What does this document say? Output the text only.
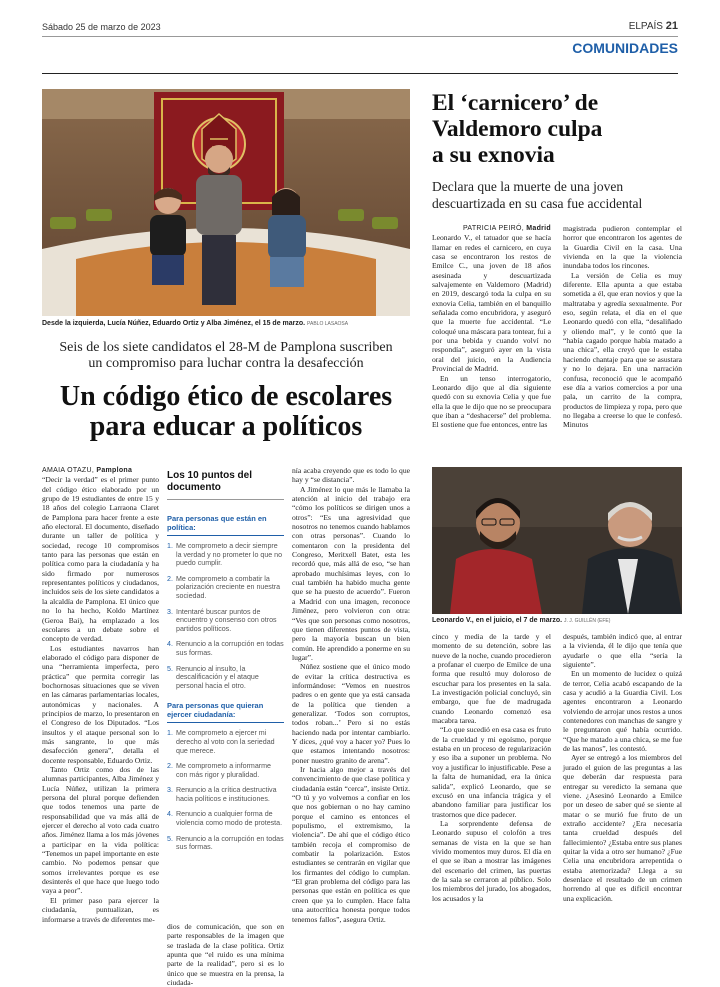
Sábado 25 de marzo de 2023	ELPAÍS 21
COMUNIDADES
Desde la izquierda, Lucía Núñez, Eduardo Ortiz y Alba Jiménez, el 15 de marzo. PABLO LASAOSA
Seis de los siete candidatos el 28-M de Pamplona suscriben
un compromiso para luchar contra la desafección
Un código ético de escolares
para educar a políticos
AMAIA OTAZU, Pamplona

“Decir la verdad” es el primer punto del código ético elaborado por un grupo de 19 estudiantes de entre 15 y 18 años del colegio Larraona Claret de Pamplona para hacer frente a este año electoral. El documento, diseñado durante un taller de política y sociedad, recoge 10 compromisos tanto para las personas que están en política como para la ciudadanía y ha sido firmado por numerosos representantes políticos y ciudadanos, incluidos seis de los siete candidatos a la alcaldía de Pamplona. El único que no lo ha hecho, Koldo Martínez (Geroa Bai), ha emplazado a los escolares a un debate sobre el concepto de verdad.

Los estudiantes navarros han elaborado el código para disponer de una “herramienta imperfecta, pero práctica” que permita corregir las bochornosas situaciones que se viven en las cámaras parlamentarias locales, autonómicas y nacionales. A principios de marzo, lo presentaron en el Congreso de los Diputados. “Los insultos y el ataque personal son lo más sangrante, lo que más desafección genera”, detalla el docente responsable, Eduardo Ortiz.

Tanto Ortiz como dos de las alumnas participantes, Alba Jiménez y Lucía Núñez, utilizan la primera persona del plural porque defienden que todos tenemos una parte de responsabilidad que va más allá de ejercer el derecho al voto cada cuatro años. Jiménez llama a los más jóvenes a participar en la vida política: “Tenemos un papel importante en este cambio. No podemos pensar que somos irrelevantes porque es ese desinterés el que hace que luego todo vaya a peor”.

El primer paso para ejercer la ciudadanía, puntualizan, es informarse a través de diferentes me-

Los 10 puntos del documento
Para personas que están en política:
1. Me comprometo a decir siempre la verdad y no prometer lo que no puedo cumplir.
2. Me comprometo a combatir la polarización creciente en nuestra sociedad.
3. Intentaré buscar puntos de encuentro y consenso con otros partidos políticos.
4. Renuncio a la corrupción en todas sus formas.
5. Renuncio al insulto, la descalificación y el ataque personal hacia el otro.
Para personas que quieran ejercer ciudadanía:
1. Me comprometo a ejercer mi derecho al voto con la seriedad que merece.
2. Me comprometo a informarme con más rigor y pluralidad.
3. Renuncio a la crítica destructiva hacia políticos e instituciones.
4. Renuncio a cualquier forma de violencia como modo de protesta.
5. Renuncio a la corrupción en todas sus formas.

dios de comunicación, que son en parte responsables de la imagen que se traslada de la clase política. Ortiz apunta que “el ruido es una mínima parte de la realidad”, pero si es lo único que se muestra en la prensa, la ciudada-

nía acaba creyendo que es todo lo que hay y “se distancia”.

A Jiménez lo que más le llamaba la atención al inicio del trabajo era “cómo los políticos se dirigen unos a otros”: “Es una agresividad que nosotros no tenemos cuando hablamos con otras personas”. Cuando lo comentaron con la presidenta del Congreso, Meritxell Batet, esta les recordó que, más allá de eso, “se han aprobado muchísimas leyes, con lo cual también ha habido mucha gente que se ha puesto de acuerdo”. Fueron a Madrid con una imagen, reconoce Jiménez, pero volvieron con otra: “Ves que son personas como nosotros, que tienen diferentes puntos de vista, pero la mayoría buscan un bien común. He aprendido a ponerme en su lugar”.

Núñez sostiene que el único modo de evitar la crítica destructiva es informándose: “Vemos en nuestros padres o en gente que ya está cansada de la política que tienden a generalizar. ‘Todos son corruptos, todos roban...’ Pero si no estás haciendo nada por intentar cambiarlo. Y dices, ¿qué voy a hacer yo? Pues lo que estamos intentando nosotros: poner nuestro granito de arena”.

Ir hacia algo mejor a través del convencimiento de que clase política y ciudadanía están “cerca”, insiste Ortiz. “O tú y yo volvemos a confiar en los que nos gobiernan o no hay camino porque el camino es entonces el populismo, el extremismo, la violencia”. De ahí que el código ético también recoja el compromiso de combatir la polarización. Estos estudiantes se centrarán en vigilar que los firmantes del código lo cumplan. “El gran problema del código para las personas que están en política es que creen que ya lo cumplen. Hace falta una autocrítica honesta porque todos tenemos fallos”, asegura Ortiz.

El ‘carnicero’ de
Valdemoro culpa
a su exnovia
Declara que la muerte de una joven descuartizada en su casa fue accidental
PATRICIA PEIRÓ, Madrid

Leonardo V., el tatuador que se hacía llamar en redes el carnicero, en cuya casa se encontraron los restos de Emilce C., una joven de 18 años asesinada y descuartizada salvajemente en Valdemoro (Madrid) en 2019, descargó toda la culpa en su exnovia Celia, también en el banquillo señalada como encubridora, y aseguró que la muerte fue accidental. “Le coloqué una máscara para tontear, fui a por una bebida y cuando volví no respondía”, aseguró ayer en la vista oral del juicio, en la Audiencia Provincial de Madrid.

En un tenso interrogatorio, Leonardo dijo que al día siguiente quedó con su exnovia Celia y que fue ella la que le dijo que no se preocupara que iban a “deshacerse” del problema. El sostiene que fue entonces, entre las

magistrada pudieron contemplar el horror que encontraron los agentes de la Guardia Civil en la casa. Una vivienda en la que la violencia inundaba todos los rincones.

La versión de Celia es muy diferente. Ella apunta a que estaba sometida a él, que eran novios y que la maltrataba y agredía sexualmente. Por eso, según relata, el día en el que Leonardo quedó con ella, “desaliñado y oliendo mal”, y le contó que la “había cagado porque había matado a una chica”, ella creyó que le estaba haciendo chantaje para que se asustara y no lo dejara. En una narración confusa, reconoció que le acompañó ese día a varios comercios a por una pala, un carrito de la compra, productos de limpieza y ropa, pero que no llegaba a creerse lo que le confesó. Minutos

Leonardo V., en el juicio, el 7 de marzo. J. J. GUILLÉN (EFE)

cinco y media de la tarde y el momento de su detención, sobre las nueve de la noche, cuando procedieron a profanar el cuerpo de Emilce de una forma que resultó muy doloroso de escuchar para los presentes en la sala. La investigación policial concluyó, sin embargo, que fue de madrugada cuando Leonardo comenzó esa macabra tarea.

“Lo que sucedió en esa casa es fruto de la crueldad y mi egoísmo, porque estaba en un proceso de regularización y eso iba a suponer un problema. No voy a justificar lo injustificable. Pese a la falta de humanidad, era la única salida”, explicó Leonardo, que se excusó en una infancia trágica y el abandono familiar para justificar los trastornos que dice padecer.

La sorprendente defensa de Leonardo supuso el colofón a tres semanas de vista en la que se han vivido momentos muy duros. El día en el que se iban a mostrar las imágenes del escenario del crimen, las puertas de la sala se cerraron al público. Solo los miembros del jurado, los abogados, los acusados y la

después, también indicó que, al entrar a la vivienda, él le dijo que tenía que ayudarle o que ella “sería la siguiente”.

En un momento de lucidez o quizá de terror, Celia acabó escapando de la casa y acudió a la Guardia Civil. Los agentes encontraron a Leonardo volviendo de arrojar unos restos a unos contenedores con manchas de sangre y le preguntaron qué había ocurrido. “Que he matado a una chica, se me fue de las manos”, les contestó.

Ayer se entregó a los miembros del jurado el guion de las preguntas a las que deberán dar respuesta para entregar su veredicto la semana que viene. ¿Asesinó Leonardo a Emilce por un deseo de saber qué se siente al matar o se murió fue fruto de un extraño accidente? ¿Era necesaria tanta crueldad después del fallecimiento? ¿Estaba entre sus planes quitar la vida a otro ser humano? ¿Fue Celia una encubridora arrepentida o estaba atemorizada? Llega a su desenlace el resultado de un crimen horrendo al que es difícil encontrar una explicación.
